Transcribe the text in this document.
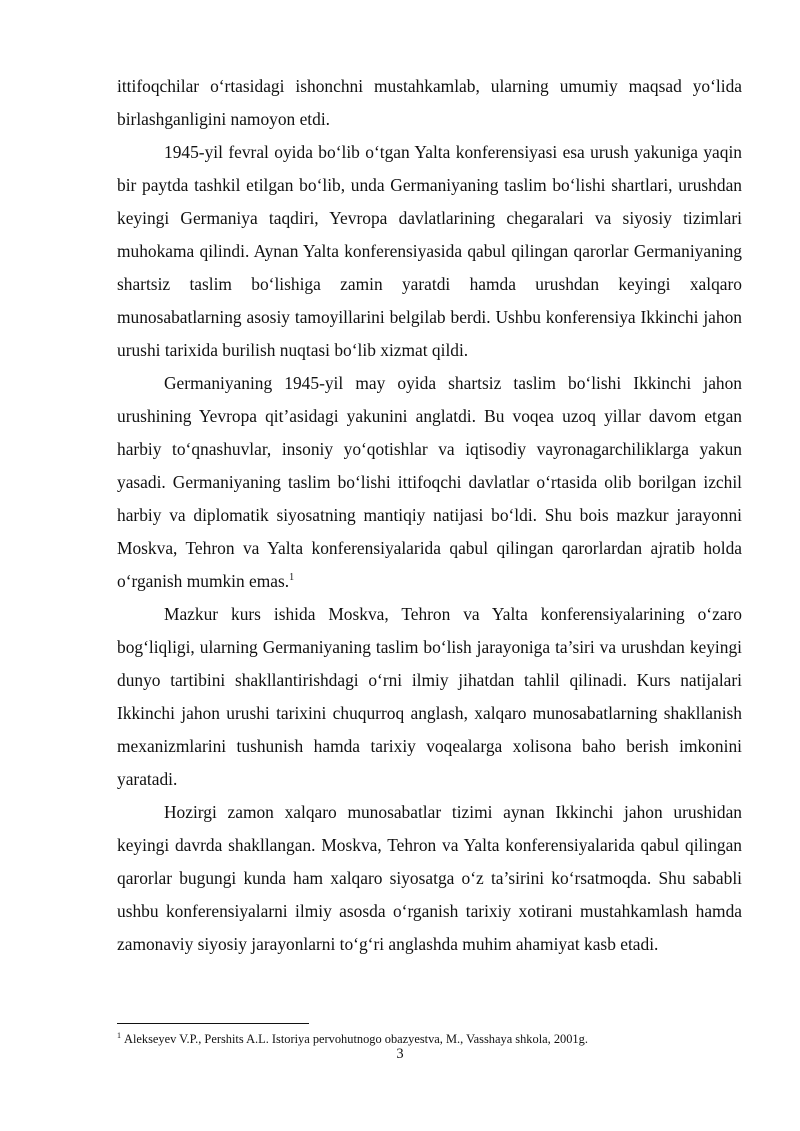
ittifoqchilar o‘rtasidagi ishonchni mustahkamlab, ularning umumiy maqsad yo‘lida birlashganligini namoyon etdi.

1945-yil fevral oyida bo‘lib o‘tgan Yalta konferensiyasi esa urush yakuniga yaqin bir paytda tashkil etilgan bo‘lib, unda Germaniyaning taslim bo‘lishi shartlari, urushdan keyingi Germaniya taqdiri, Yevropa davlatlarining chegaralari va siyosiy tizimlari muhokama qilindi. Aynan Yalta konferensiyasida qabul qilingan qarorlar Germaniyaning shartsiz taslim bo‘lishiga zamin yaratdi hamda urushdan keyingi xalqaro munosabatlarning asosiy tamoyillarini belgilab berdi. Ushbu konferensiya Ikkinchi jahon urushi tarixida burilish nuqtasi bo‘lib xizmat qildi.

Germaniyaning 1945-yil may oyida shartsiz taslim bo‘lishi Ikkinchi jahon urushining Yevropa qit’asidagi yakunini anglatdi. Bu voqea uzoq yillar davom etgan harbiy to‘qnashuvlar, insoniy yo‘qotishlar va iqtisodiy vayronagarchiliklarga yakun yasadi. Germaniyaning taslim bo‘lishi ittifoqchi davlatlar o‘rtasida olib borilgan izchil harbiy va diplomatik siyosatning mantiqiy natijasi bo‘ldi. Shu bois mazkur jarayonni Moskva, Tehron va Yalta konferensiyalarida qabul qilingan qarorlardan ajratib holda o‘rganish mumkin emas.$^1$

Mazkur kurs ishida Moskva, Tehron va Yalta konferensiyalarining o‘zaro bog‘liqligi, ularning Germaniyaning taslim bo‘lish jarayoniga ta’siri va urushdan keyingi dunyo tartibini shakllantirishdagi o‘rni ilmiy jihatdan tahlil qilinadi. Kurs natijalari Ikkinchi jahon urushi tarixini chuqurroq anglash, xalqaro munosabatlarning shakllanish mexanizmlarini tushunish hamda tarixiy voqealarga xolisona baho berish imkonini yaratadi.

Hozirgi zamon xalqaro munosabatlar tizimi aynan Ikkinchi jahon urushidan keyingi davrda shakllangan. Moskva, Tehron va Yalta konferensiyalarida qabul qilingan qarorlar bugungi kunda ham xalqaro siyosatga o‘z ta’sirini ko‘rsatmoqda. Shu sababli ushbu konferensiyalarni ilmiy asosda o‘rganish tarixiy xotirani mustahkamlash hamda zamonaviy siyosiy jarayonlarni to‘g‘ri anglashda muhim ahamiyat kasb etadi.

$^1$ Alekseyev V.P., Pershits A.L. Istoriya pervohutnogo obazyestva, M., Vasshaya shkola, 2001g.
3
